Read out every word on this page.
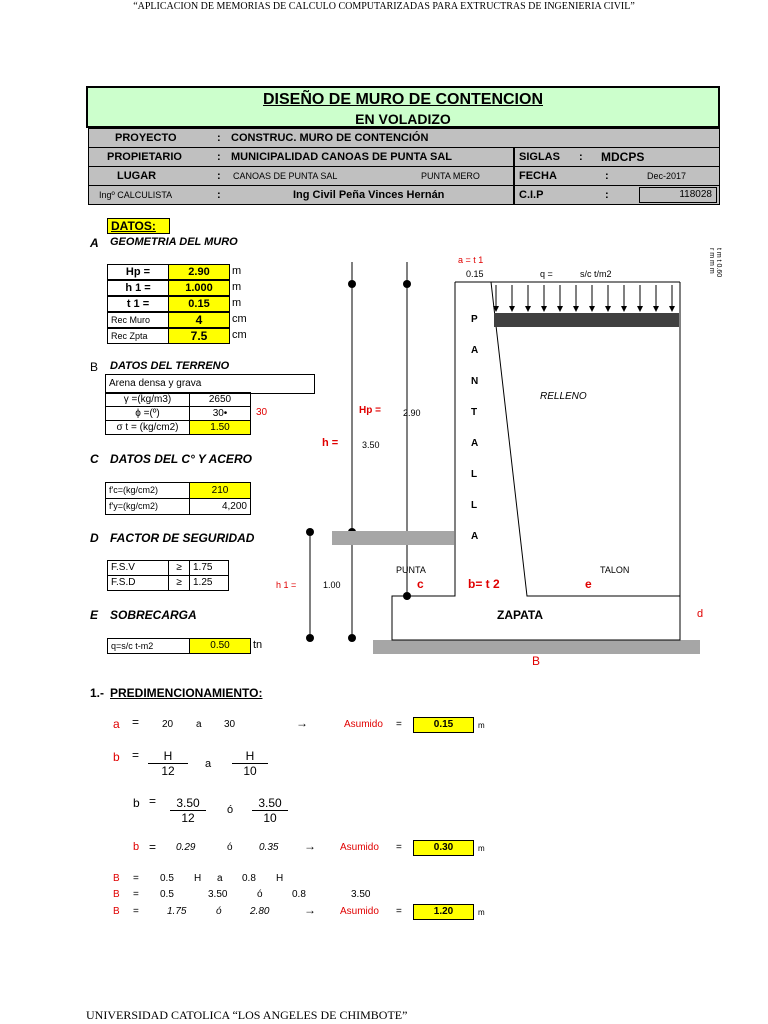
“APLICACION DE MEMORIAS DE CALCULO COMPUTARIZADAS PARA EXTRUCTRAS DE INGENIERIA CIVIL”
DISEÑO DE MURO DE CONTENCION
EN VOLADIZO
PROYECTO	: CONSTRUC. MURO DE CONTENCIÓN
PROPIETARIO	: MUNICIPALIDAD CANOAS DE PUNTA SAL	SIGLAS : MDCPS
LUGAR	: CANOAS DE PUNTA SAL	PUNTA MERO	FECHA	:	Dec-2017
Ingº CALCULISTA	:	Ing Civil Peña Vinces Hernán	C.I.P	:	118028
DATOS:
A GEOMETRIA DEL MURO
Hp =	2.90	m
h 1 =	1.000	m
t 1 =	0.15	m
Rec Muro	4	cm
Rec Zpta	7.5	cm
B DATOS DEL TERRENO
Arena densa y grava
γ =(kg/m3)	2650
ϕ =(º)	30•	30
σ t = (kg/cm2)	1.50
C DATOS DEL C° Y ACERO
f'c=(kg/cm2)	210
f'y=(kg/cm2)	4,200
D FACTOR DE SEGURIDAD
F.S.V	≥	1.75
F.S.D	≥	1.25
E SOBRECARGA
q=s/c t-m2	0.50	tn
a = t 1
0.15	q =	s/c t/m2
t m t 0.60
r m m m
P
A
N
T
A
L
L
A
RELLENO
Hp = 2.90
h =	3.50
PUNTA	TALON
h 1 =	1.00	c	b= t 2	e
ZAPATA	d
B
1.- PREDIMENCIONAMIENTO:
a = 20 a 30	→	Asumido =	0.15	m
$b = \frac{H}{12}$ a $\frac{H}{10}$
$b = \frac{3.50}{12}$ ó $\frac{3.50}{10}$
b = 0.29	ó	0.35 → Asumido =	0.30	m
B = 0.5 H a 0.8 H
B = 0.5	3.50	ó	0.8	3.50
B =	1.75	ó	2.80	→ Asumido =	1.20	m
UNIVERSIDAD CATOLICA “LOS ANGELES DE CHIMBOTE”
